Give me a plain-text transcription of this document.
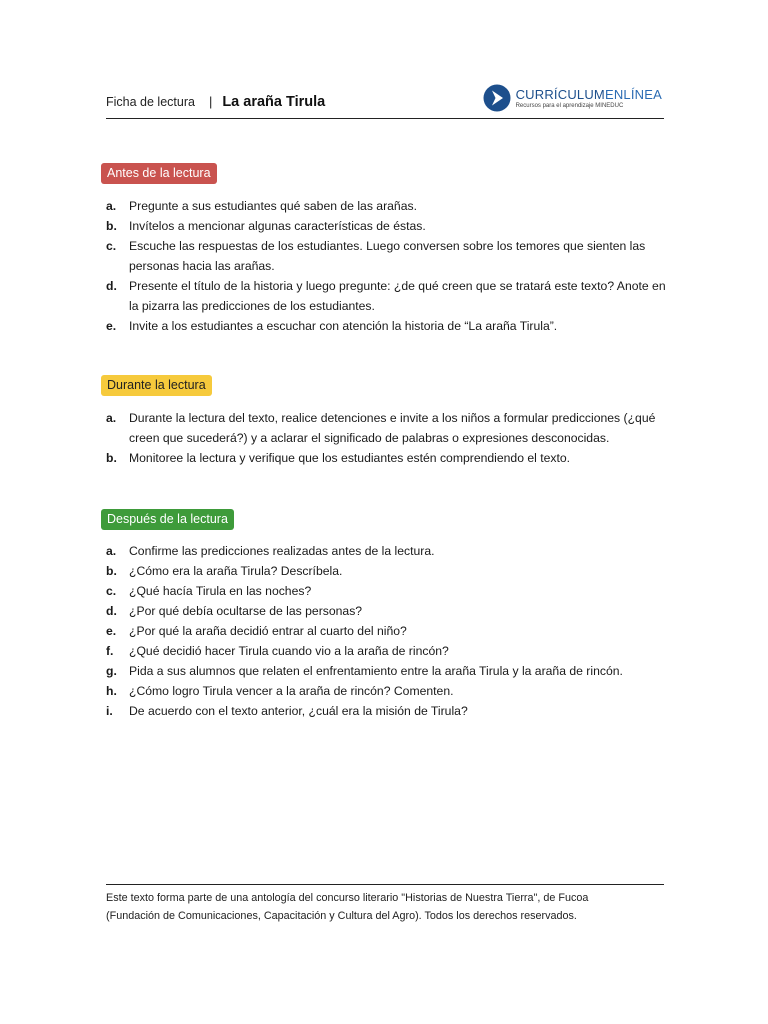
Ficha de lectura | La araña Tirula	CURRÍCULUMENLÍNEA
Recursos para el aprendizaje MINEDUC
Antes de la lectura
a. Pregunte a sus estudiantes qué saben de las arañas.
b. Invítelos a mencionar algunas características de éstas.
c. Escuche las respuestas de los estudiantes. Luego conversen sobre los temores que sienten las personas hacia las arañas.
d. Presente el título de la historia y luego pregunte: ¿de qué creen que se tratará este texto? Anote en la pizarra las predicciones de los estudiantes.
e. Invite a los estudiantes a escuchar con atención la historia de “La araña Tirula”.
Durante la lectura
a. Durante la lectura del texto, realice detenciones e invite a los niños a formular predicciones (¿qué creen que sucederá?) y a aclarar el significado de palabras o expresiones desconocidas.
b. Monitoree la lectura y verifique que los estudiantes estén comprendiendo el texto.
Después de la lectura
a. Confirme las predicciones realizadas antes de la lectura.
b. ¿Cómo era la araña Tirula? Descríbela.
c. ¿Qué hacía Tirula en las noches?
d. ¿Por qué debía ocultarse de las personas?
e. ¿Por qué la araña decidió entrar al cuarto del niño?
f. ¿Qué decidió hacer Tirula cuando vio a la araña de rincón?
g. Pida a sus alumnos que relaten el enfrentamiento entre la araña Tirula y la araña de rincón.
h. ¿Cómo logro Tirula vencer a la araña de rincón? Comenten.
i. De acuerdo con el texto anterior, ¿cuál era la misión de Tirula?
Este texto forma parte de una antología del concurso literario "Historias de Nuestra Tierra", de Fucoa
(Fundación de Comunicaciones, Capacitación y Cultura del Agro). Todos los derechos reservados.
